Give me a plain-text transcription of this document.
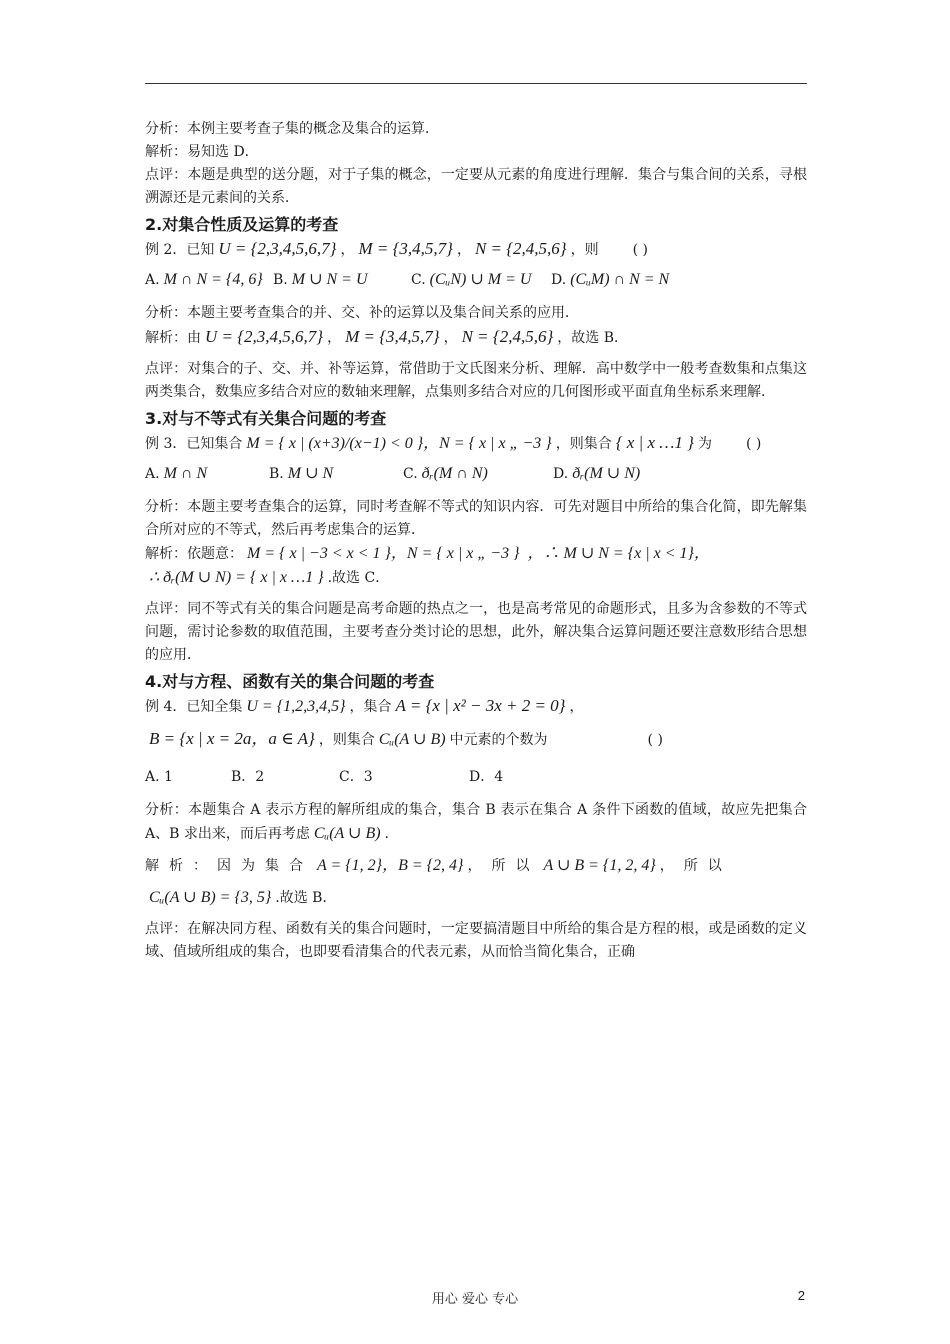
分析：本例主要考查子集的概念及集合的运算．

解析：易知选 D．

点评：本题是典型的送分题，对于子集的概念，一定要从元素的角度进行理解．集合与集合间的关系，寻根溯源还是元素间的关系．

2.对集合性质及运算的考查

例 2．已知 U = {2,3,4,5,6,7} ， M = {3,4,5,7} ， N = {2,4,5,6} ，则 ( )

A. M ∩ N = {4, 6} B. M ∪ N = U	C. (CᵤN) ∪ M = U	D. (CᵤM) ∩ N = N

分析：本题主要考查集合的并、交、补的运算以及集合间关系的应用．

解析：由 U = {2,3,4,5,6,7} ， M = {3,4,5,7} ， N = {2,4,5,6} ，故选 B．

点评：对集合的子、交、并、补等运算，常借助于文氏图来分析、理解．高中数学中一般考查数集和点集这两类集合，数集应多结合对应的数轴来理解，点集则多结合对应的几何图形或平面直角坐标系来理解．

3.对与不等式有关集合问题的考查

例 3．已知集合 M = { x | (x+3)/(x−1) < 0 }，N = { x | x „ −3 } ，则集合 { x | x …1 } 为 ( )

A. M ∩ N	B. M ∪ N	C. ðᵣ(M ∩ N)	D. ðᵣ(M ∪ N)

分析：本题主要考查集合的运算，同时考查解不等式的知识内容．可先对题目中所给的集合化简，即先解集合所对应的不等式，然后再考虑集合的运算．

解析：依题意： M = { x | −3 < x < 1 }，N = { x | x „ −3 } ，∴ M ∪ N = {x | x < 1}，

∴ ðᵣ(M ∪ N) = { x | x …1 } .故选 C．

点评：同不等式有关的集合问题是高考命题的热点之一，也是高考常见的命题形式，且多为含参数的不等式问题，需讨论参数的取值范围，主要考查分类讨论的思想，此外，解决集合运算问题还要注意数形结合思想的应用．

4.对与方程、函数有关的集合问题的考查

例 4．已知全集 U = {1,2,3,4,5} ，集合 A = {x | x² − 3x + 2 = 0} ，

B = {x | x = 2a，a ∈ A} ，则集合 Cᵤ(A ∪ B) 中元素的个数为	( )

A. 1	B．2	C．3	D．4

分析：本题集合 A 表示方程的解所组成的集合，集合 B 表示在集合 A 条件下函数的值域，故应先把集合 A、B 求出来，而后再考虑 Cᵤ(A ∪ B) .

解析：因为集合 A = {1, 2}，B = {2, 4} ，所以 A ∪ B = {1, 2, 4} ，所以

Cᵤ(A ∪ B) = {3, 5} .故选 B．

点评：在解决同方程、函数有关的集合问题时，一定要搞清题目中所给的集合是方程的根，或是函数的定义域、值域所组成的集合，也即要看清集合的代表元素，从而恰当简化集合，正确

用心 爱心 专心	2
